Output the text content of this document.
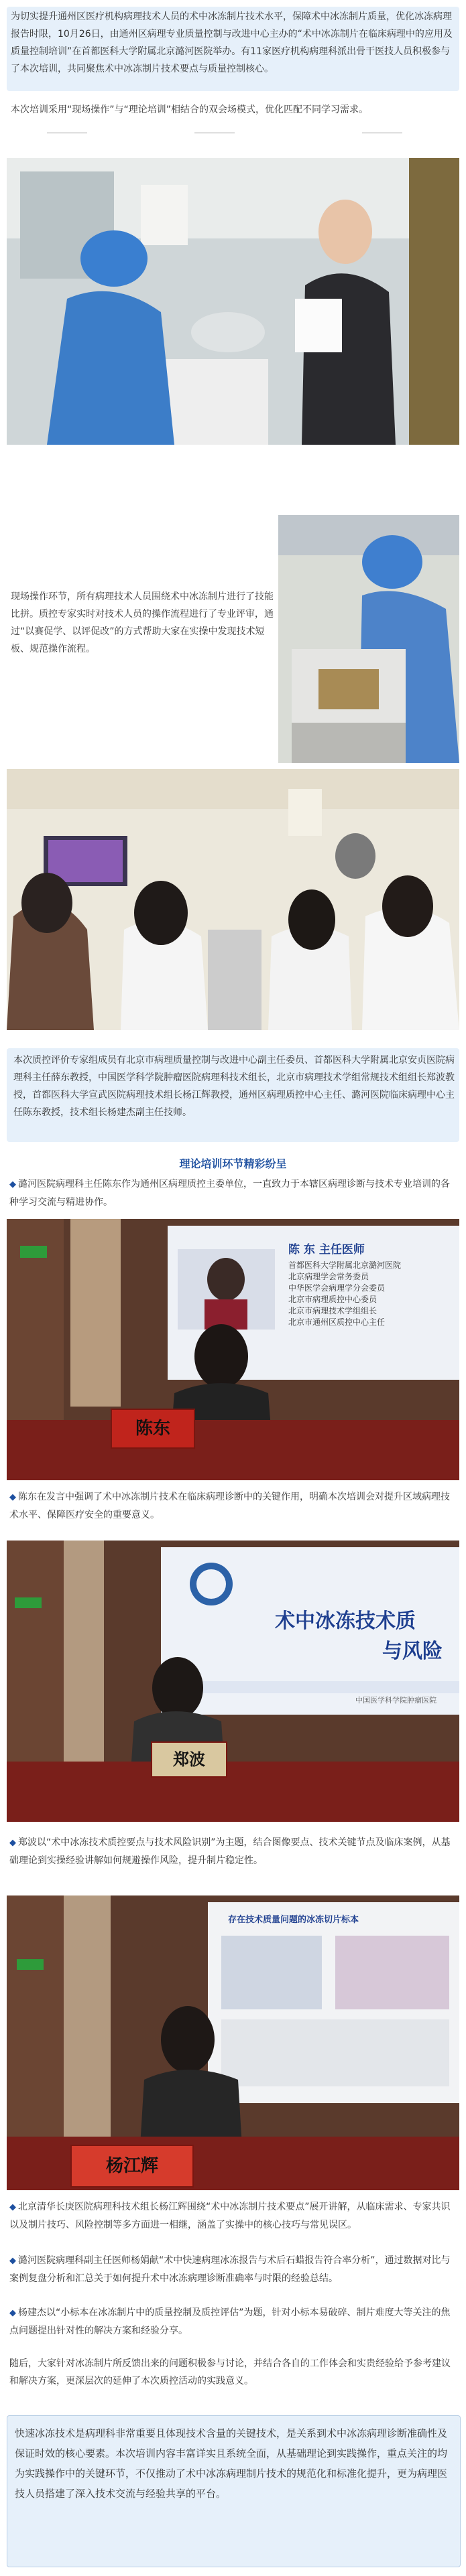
为切实提升通州区医疗机构病理技术人员的术中冰冻制片技术水平，保障术中冰冻制片质量，优化冰冻病理报告时限，10月26日，由通州区病理专业质量控制与改进中心主办的“术中冰冻制片在临床病理中的应用及质量控制培训”在首都医科大学附属北京潞河医院举办。有11家医疗机构病理科派出骨干医技人员积极参与了本次培训，共同聚焦术中冰冻制片技术要点与质量控制核心。

本次培训采用“现场操作”与“理论培训”相结合的双会场模式，优化匹配不同学习需求。

现场操作环节，所有病理技术人员围绕术中冰冻制片进行了技能比拼。质控专家实时对技术人员的操作流程进行了专业评审，通过“以赛促学、以评促改”的方式帮助大家在实操中发现技术短板、规范操作流程。

本次质控评价专家组成员有北京市病理质量控制与改进中心副主任委员、首都医科大学附属北京安贞医院病理科主任薛东教授，中国医学科学院肿瘤医院病理科技术组长，北京市病理技术学组常规技术组组长郑波教授，首都医科大学宣武医院病理技术组长杨江辉教授，通州区病理质控中心主任、潞河医院临床病理中心主任陈东教授，技术组长杨建杰副主任技师。

理论培训环节精彩纷呈

◆ 潞河医院病理科主任陈东作为通州区病理质控主委单位，一直致力于本辖区病理诊断与技术专业培训的各种学习交流与精进协作。

陈 东 主任医师
首都医科大学附属北京潞河医院
北京病理学会常务委员
中华医学会病理学分会委员
北京市病理质控中心委员
北京市病理技术学组组长
北京市通州区质控中心主任
陈东

◆ 陈东在发言中强调了术中冰冻制片技术在临床病理诊断中的关键作用，明确本次培训会对提升区域病理技术水平、保障医疗安全的重要意义。

术中冰冻技术质
与风险
中国医学科学院肿瘤医院
郑波

◆ 郑波以“术中冰冻技术质控要点与技术风险识别”为主题，结合图像要点、技术关键节点及临床案例，从基础理论到实操经验讲解如何规避操作风险，提升制片稳定性。

存在技术质量问题的冰冻切片标本
杨江辉

◆ 北京清华长庚医院病理科技术组长杨江辉围绕“术中冰冻制片技术要点”展开讲解，从临床需求、专家共识以及制片技巧、风险控制等多方面进一相继，涵盖了实操中的核心技巧与常见误区。

◆ 潞河医院病理科副主任医师杨娟献“术中快速病理冰冻报告与术后石蜡报告符合率分析”，通过数据对比与案例复盘分析和汇总关于如何提升术中冰冻病理诊断准确率与时限的经验总结。

◆ 杨建杰以“小标本在冰冻制片中的质量控制及质控评估”为题，针对小标本易破碎、制片难度大等关注的焦点问题提出针对性的解决方案和经验分享。

随后，大家针对冰冻制片所反馈出来的问题积极参与讨论，并结合各自的工作体会和实贵经验给予参考建议和解决方案，更深层次的延伸了本次质控活动的实践意义。

快速冰冻技术是病理科非常重要且体现技术含量的关键技术，是关系到术中冰冻病理诊断准确性及保证时效的核心要素。本次培训内容丰富详实且系统全面，从基础理论到实践操作，重点关注的均为实践操作中的关键环节，不仅推动了术中冰冻病理制片技术的规范化和标准化提升，更为病理医技人员搭建了深入技术交流与经验共享的平台。
